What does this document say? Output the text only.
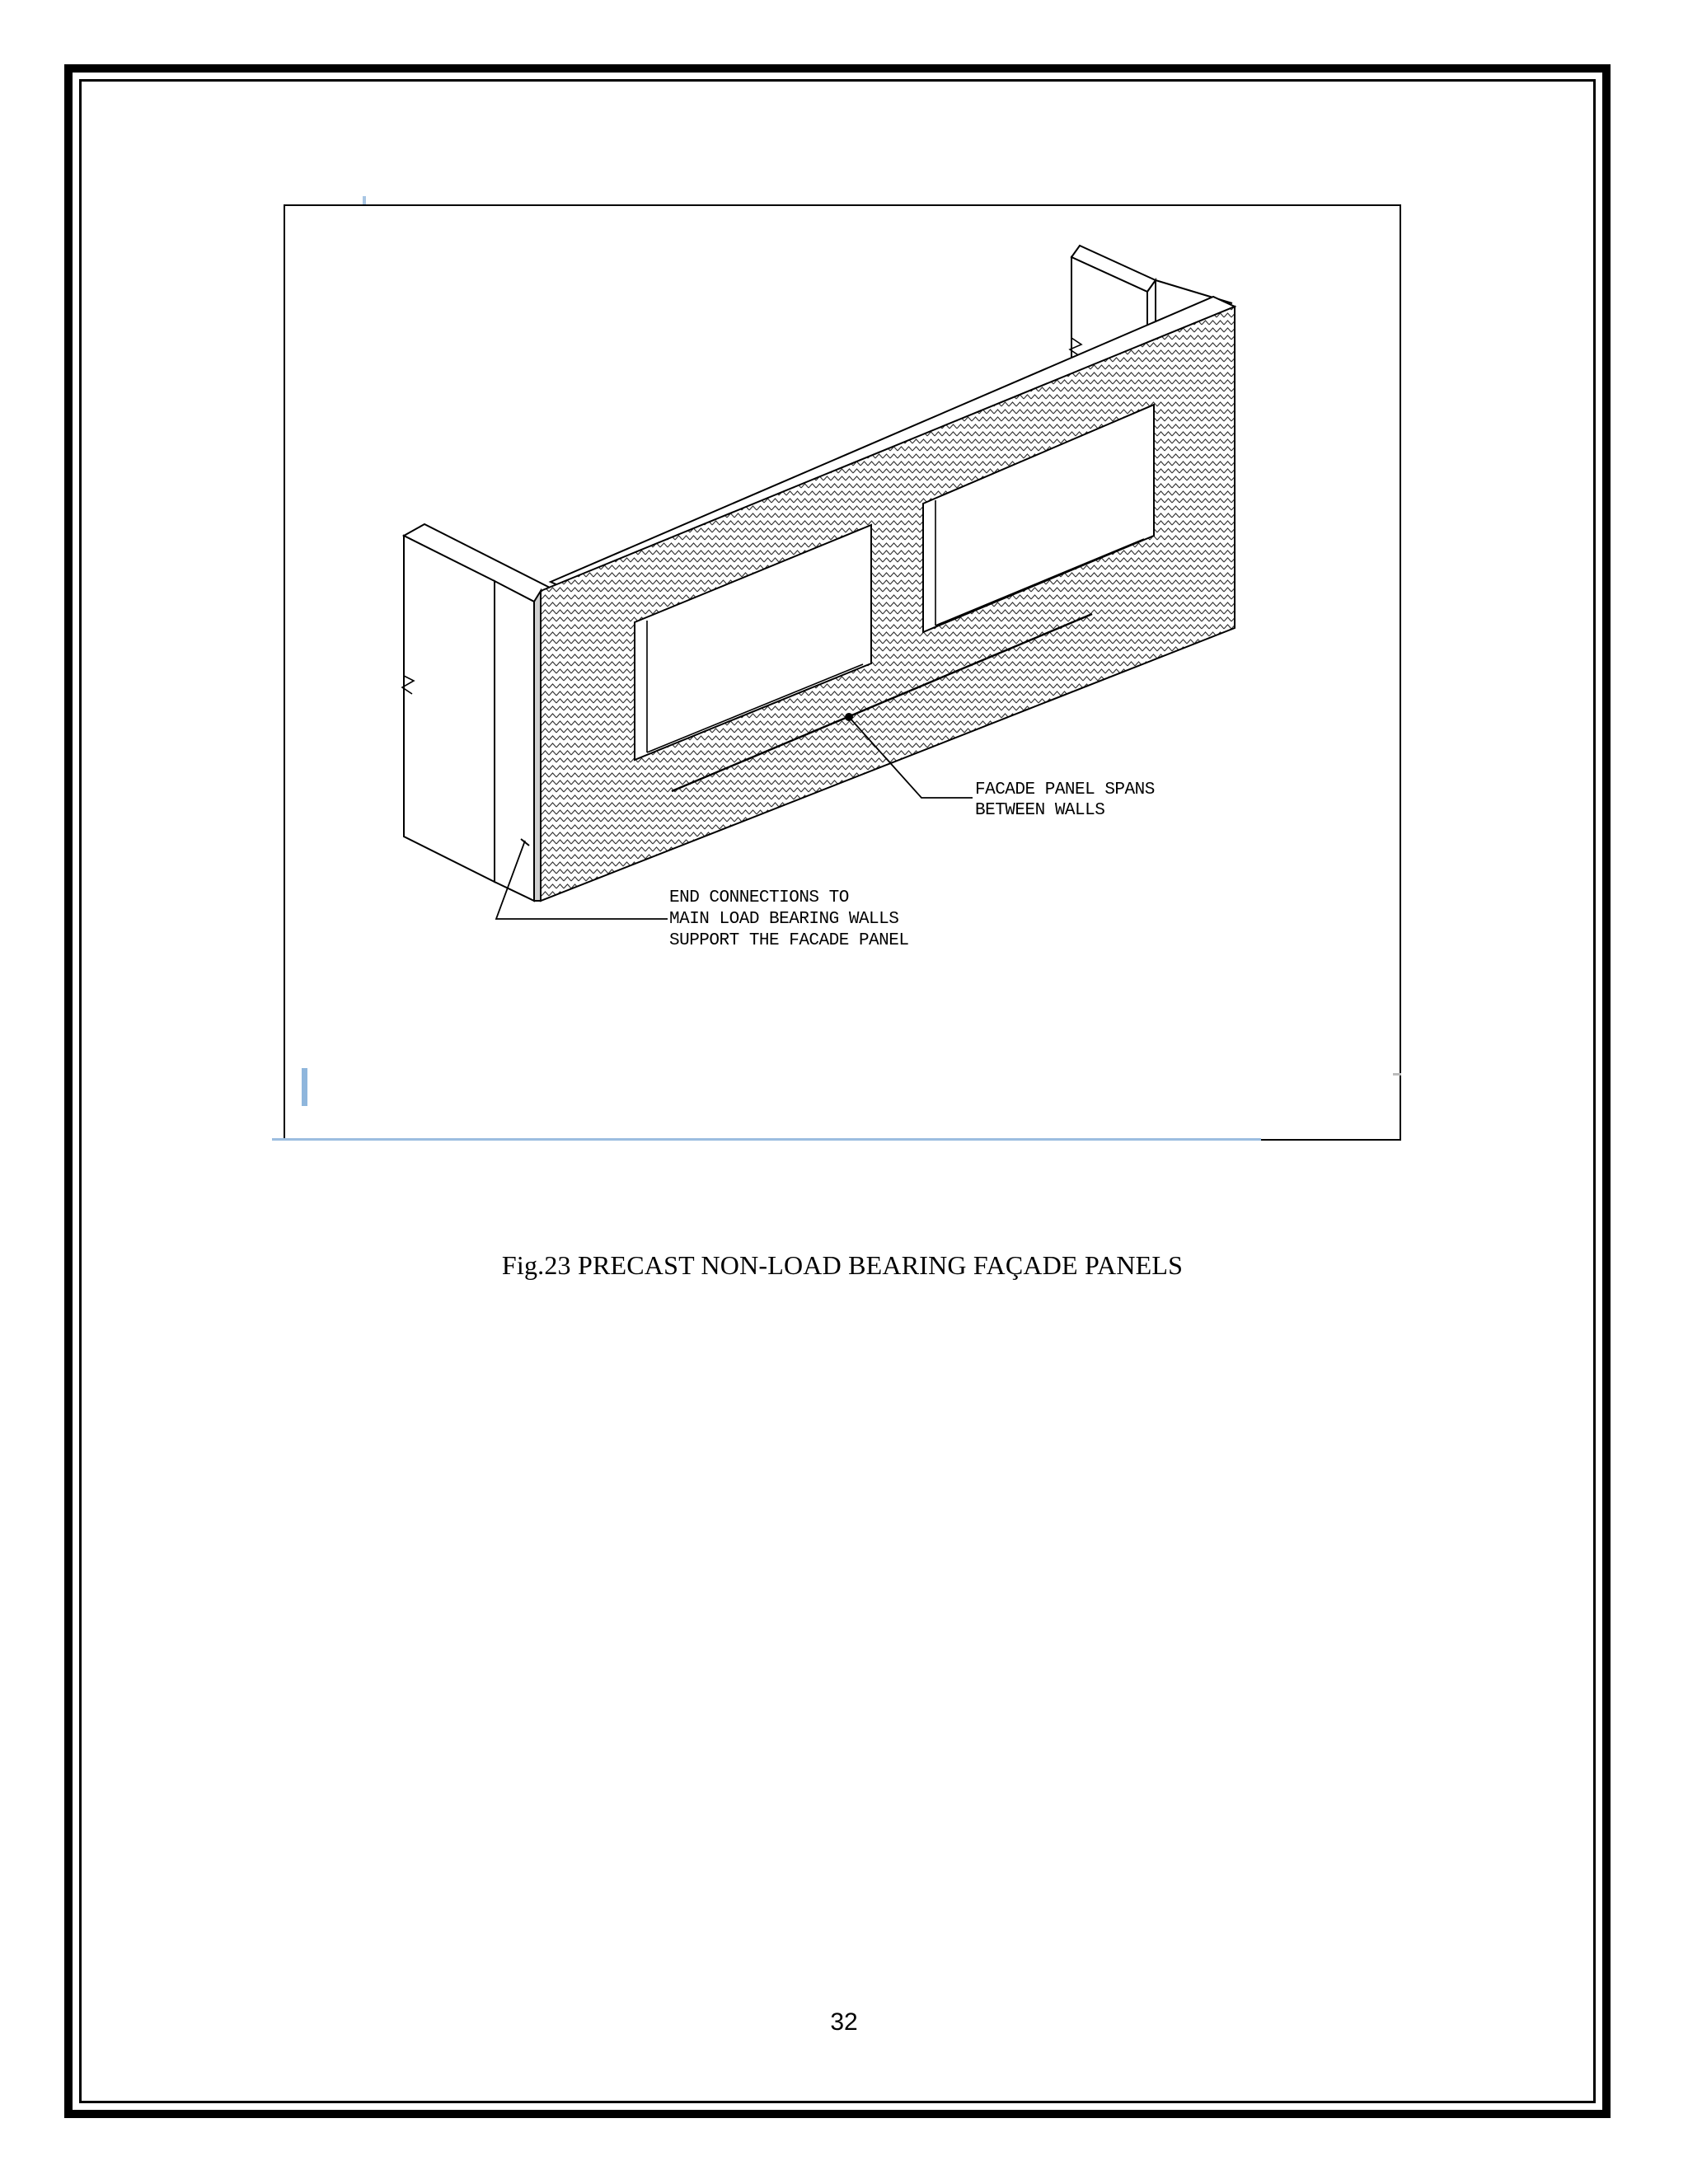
FACADE PANEL SPANS
BETWEEN WALLS
END CONNECTIONS TO
MAIN LOAD BEARING WALLS
SUPPORT THE FACADE PANEL
Fig.23 PRECAST NON-LOAD BEARING FAÇADE PANELS
32
